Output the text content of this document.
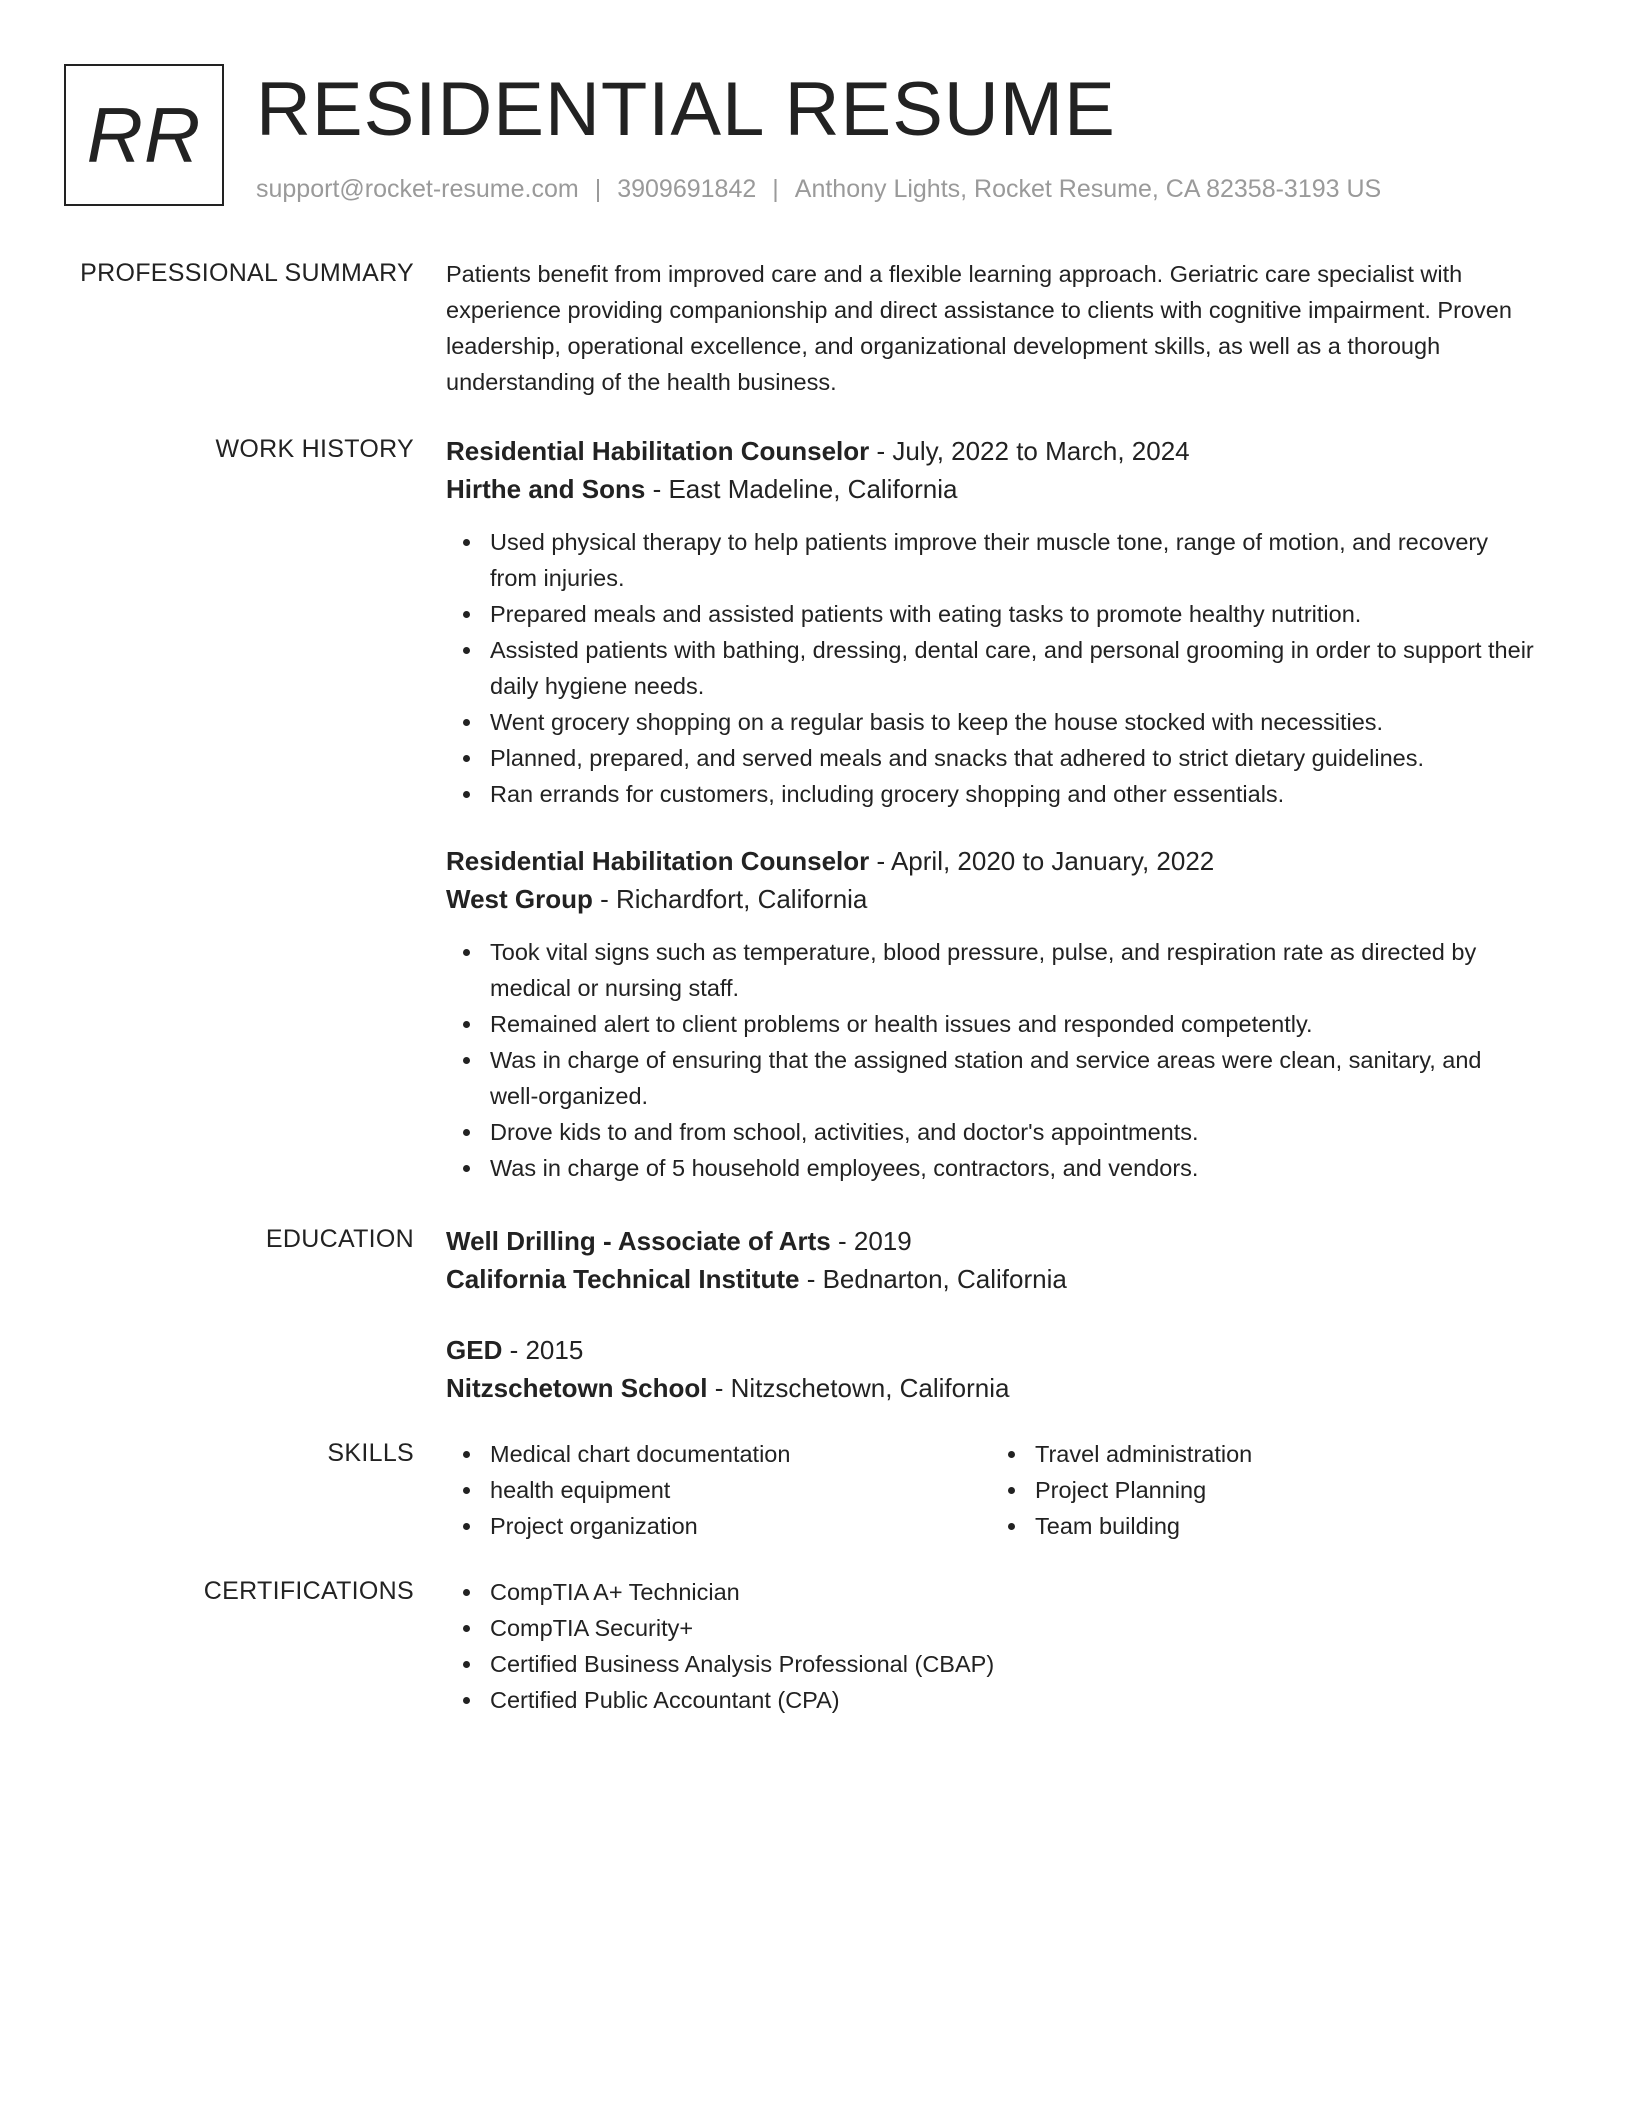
RR RESIDENTIAL RESUME
support@rocket-resume.com | 3909691842 | Anthony Lights, Rocket Resume, CA 82358-3193 US
PROFESSIONAL SUMMARY Patients benefit from improved care and a flexible learning approach. Geriatric care specialist with experience providing companionship and direct assistance to clients with cognitive impairment. Proven leadership, operational excellence, and organizational development skills, as well as a thorough understanding of the health business.

WORK HISTORY Residential Habilitation Counselor - July, 2022 to March, 2024
Hirthe and Sons - East Madeline, California
Used physical therapy to help patients improve their muscle tone, range of motion, and recovery from injuries.
Prepared meals and assisted patients with eating tasks to promote healthy nutrition.
Assisted patients with bathing, dressing, dental care, and personal grooming in order to support their daily hygiene needs.
Went grocery shopping on a regular basis to keep the house stocked with necessities.
Planned, prepared, and served meals and snacks that adhered to strict dietary guidelines.
Ran errands for customers, including grocery shopping and other essentials.
Residential Habilitation Counselor - April, 2020 to January, 2022
West Group - Richardfort, California
Took vital signs such as temperature, blood pressure, pulse, and respiration rate as directed by medical or nursing staff.
Remained alert to client problems or health issues and responded competently.
Was in charge of ensuring that the assigned station and service areas were clean, sanitary, and well-organized.
Drove kids to and from school, activities, and doctor's appointments.
Was in charge of 5 household employees, contractors, and vendors.
EDUCATION Well Drilling - Associate of Arts - 2019
California Technical Institute - Bednarton, California
GED - 2015
Nitzschetown School - Nitzschetown, California
SKILLS	Medical chart documentation
health equipment
Project organization
Travel administration
Project Planning
Team building
CERTIFICATIONS	CompTIA A+ Technician
CompTIA Security+
Certified Business Analysis Professional (CBAP)
Certified Public Accountant (CPA)
